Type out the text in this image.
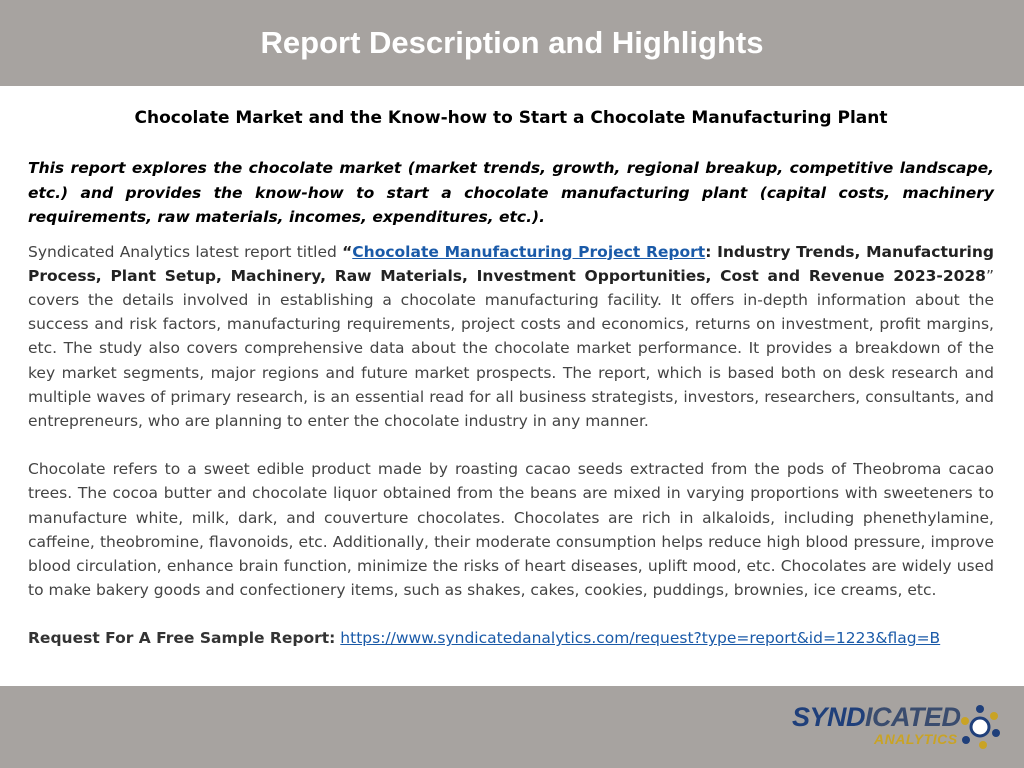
Report Description and Highlights

Chocolate Market and the Know-how to Start a Chocolate Manufacturing Plant

This report explores the chocolate market (market trends, growth, regional breakup, competitive landscape, etc.) and provides the know-how to start a chocolate manufacturing plant (capital costs, machinery requirements, raw materials, incomes, expenditures, etc.).

Syndicated Analytics latest report titled “Chocolate Manufacturing Project Report: Industry Trends, Manufacturing Process, Plant Setup, Machinery, Raw Materials, Investment Opportunities, Cost and Revenue 2023-2028” covers the details involved in establishing a chocolate manufacturing facility. It offers in-depth information about the success and risk factors, manufacturing requirements, project costs and economics, returns on investment, profit margins, etc. The study also covers comprehensive data about the chocolate market performance. It provides a breakdown of the key market segments, major regions and future market prospects. The report, which is based both on desk research and multiple waves of primary research, is an essential read for all business strategists, investors, researchers, consultants, and entrepreneurs, who are planning to enter the chocolate industry in any manner.

Chocolate refers to a sweet edible product made by roasting cacao seeds extracted from the pods of Theobroma cacao trees. The cocoa butter and chocolate liquor obtained from the beans are mixed in varying proportions with sweeteners to manufacture white, milk, dark, and couverture chocolates. Chocolates are rich in alkaloids, including phenethylamine, caffeine, theobromine, flavonoids, etc. Additionally, their moderate consumption helps reduce high blood pressure, improve blood circulation, enhance brain function, minimize the risks of heart diseases, uplift mood, etc. Chocolates are widely used to make bakery goods and confectionery items, such as shakes, cakes, cookies, puddings, brownies, ice creams, etc.

Request For A Free Sample Report: https://www.syndicatedanalytics.com/request?type=report&id=1223&flag=B

SYNDICATED
ANALYTICS
